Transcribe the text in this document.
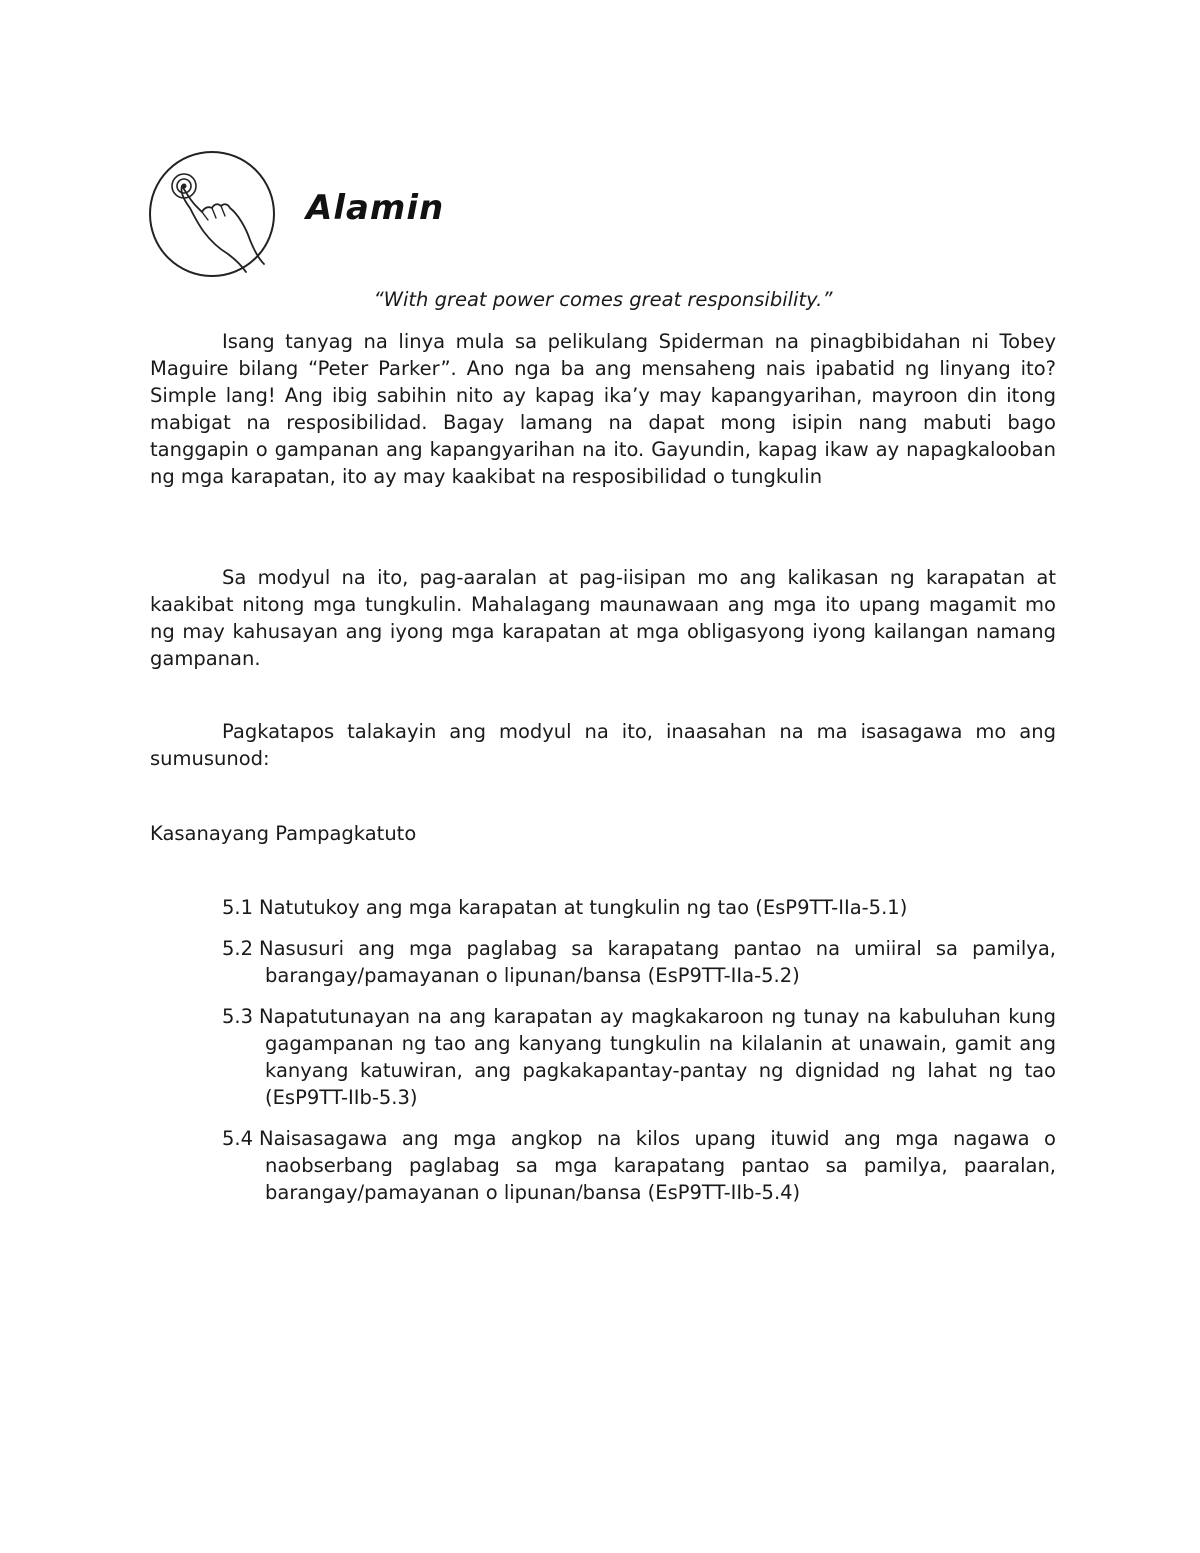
Alamin

“With great power comes great responsibility.”

Isang tanyag na linya mula sa pelikulang Spiderman na pinagbibidahan ni Tobey Maguire bilang “Peter Parker”. Ano nga ba ang mensaheng nais ipabatid ng linyang ito? Simple lang! Ang ibig sabihin nito ay kapag ika’y may kapangyarihan, mayroon din itong mabigat na resposibilidad. Bagay lamang na dapat mong isipin nang mabuti bago tanggapin o gampanan ang kapangyarihan na ito. Gayundin, kapag ikaw ay napagkalooban ng mga karapatan, ito ay may kaakibat na resposibilidad o tungkulin

Sa modyul na ito, pag-aaralan at pag-iisipan mo ang kalikasan ng karapatan at kaakibat nitong mga tungkulin. Mahalagang maunawaan ang mga ito upang magamit mo ng may kahusayan ang iyong mga karapatan at mga obligasyong iyong kailangan namang gampanan.

Pagkatapos talakayin ang modyul na ito, inaasahan na ma isasagawa mo ang sumusunod:

Kasanayang Pampagkatuto

5.1 Natutukoy ang mga karapatan at tungkulin ng tao (EsP9TT-IIa-5.1)
5.2 Nasusuri ang mga paglabag sa karapatang pantao na umiiral sa pamilya, barangay/pamayanan o lipunan/bansa (EsP9TT-IIa-5.2)
5.3 Napatutunayan na ang karapatan ay magkakaroon ng tunay na kabuluhan kung gagampanan ng tao ang kanyang tungkulin na kilalanin at unawain, gamit ang kanyang katuwiran, ang pagkakapantay-pantay ng dignidad ng lahat ng tao (EsP9TT-IIb-5.3)
5.4 Naisasagawa ang mga angkop na kilos upang ituwid ang mga nagawa o naobserbang paglabag sa mga karapatang pantao sa pamilya, paaralan, barangay/pamayanan o lipunan/bansa (EsP9TT-IIb-5.4)
